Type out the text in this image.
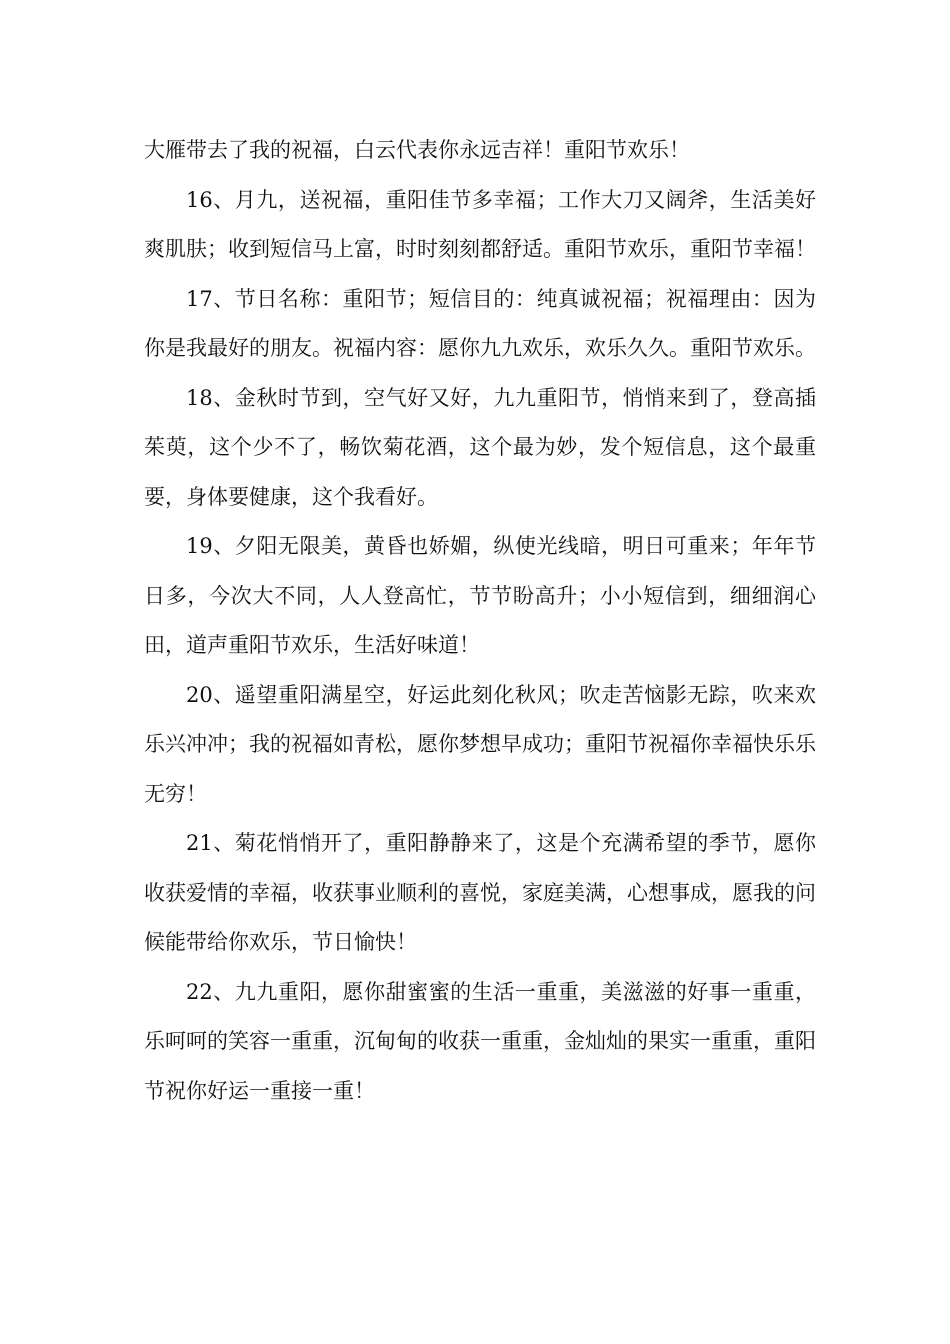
大雁带去了我的祝福，白云代表你永远吉祥！重阳节欢乐！

16、月九，送祝福，重阳佳节多幸福；工作大刀又阔斧，生活美好爽肌肤；收到短信马上富，时时刻刻都舒适。重阳节欢乐，重阳节幸福！

17、节日名称：重阳节；短信目的：纯真诚祝福；祝福理由：因为你是我最好的朋友。祝福内容：愿你九九欢乐，欢乐久久。重阳节欢乐。

18、金秋时节到，空气好又好，九九重阳节，悄悄来到了，登高插茱萸，这个少不了，畅饮菊花酒，这个最为妙，发个短信息，这个最重要，身体要健康，这个我看好。

19、夕阳无限美，黄昏也娇媚，纵使光线暗，明日可重来；年年节日多，今次大不同，人人登高忙，节节盼高升；小小短信到，细细润心田，道声重阳节欢乐，生活好味道！

20、遥望重阳满星空，好运此刻化秋风；吹走苦恼影无踪，吹来欢乐兴冲冲；我的祝福如青松，愿你梦想早成功；重阳节祝福你幸福快乐乐无穷！

21、菊花悄悄开了，重阳静静来了，这是个充满希望的季节，愿你收获爱情的幸福，收获事业顺利的喜悦，家庭美满，心想事成，愿我的问候能带给你欢乐，节日愉快！

22、九九重阳，愿你甜蜜蜜的生活一重重，美滋滋的好事一重重，乐呵呵的笑容一重重，沉甸甸的收获一重重，金灿灿的果实一重重，重阳节祝你好运一重接一重！
